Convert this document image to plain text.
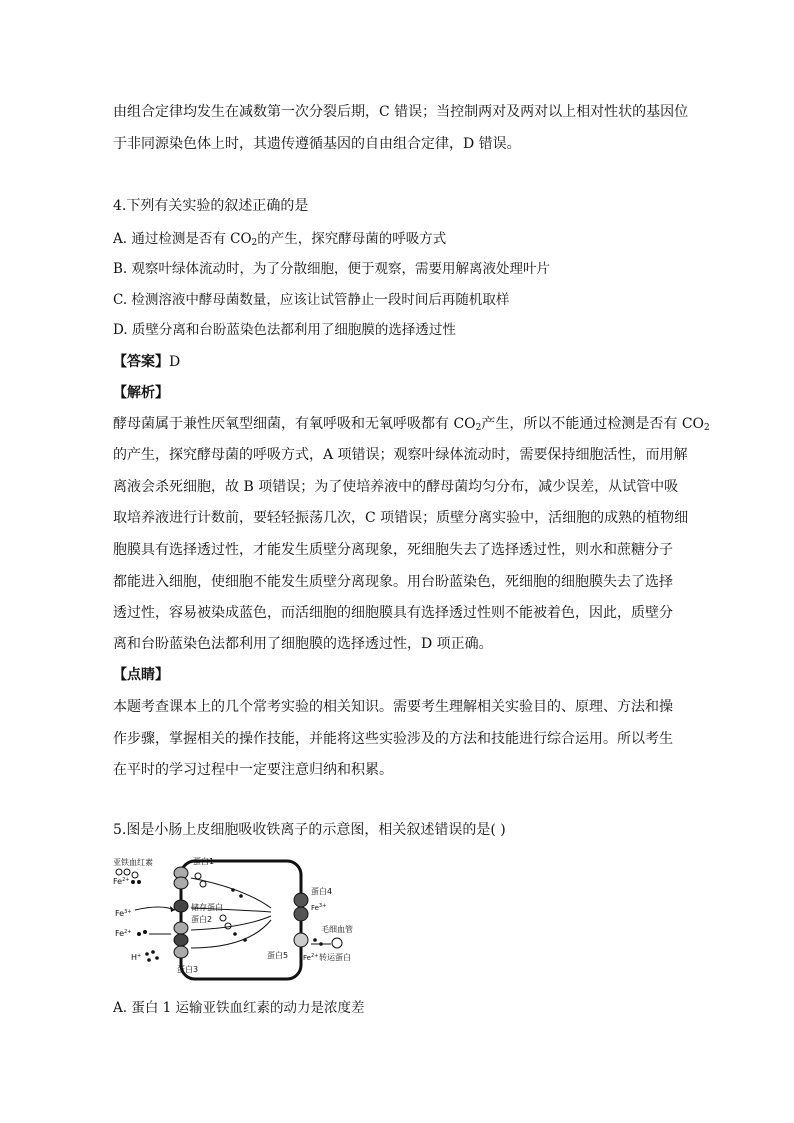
由组合定律均发生在减数第一次分裂后期，C 错误；当控制两对及两对以上相对性状的基因位
于非同源染色体上时，其遗传遵循基因的自由组合定律，D 错误。
4.下列有关实验的叙述正确的是
A. 通过检测是否有 $CO_2$的产生，探究酵母菌的呼吸方式
B. 观察叶绿体流动时，为了分散细胞，便于观察，需要用解离液处理叶片
C. 检测溶液中酵母菌数量，应该让试管静止一段时间后再随机取样
D. 质壁分离和台盼蓝染色法都利用了细胞膜的选择透过性
【答案】D
【解析】
酵母菌属于兼性厌氧型细菌，有氧呼吸和无氧呼吸都有 $CO_2$产生，所以不能通过检测是否有 $CO_2$
的产生，探究酵母菌的呼吸方式，A 项错误；观察叶绿体流动时，需要保持细胞活性，而用解
离液会杀死细胞，故 B 项错误；为了使培养液中的酵母菌均匀分布，减少误差，从试管中吸
取培养液进行计数前，要轻轻振荡几次，C 项错误；质壁分离实验中，活细胞的成熟的植物细
胞膜具有选择透过性，才能发生质壁分离现象，死细胞失去了选择透过性，则水和蔗糖分子
都能进入细胞，使细胞不能发生质壁分离现象。用台盼蓝染色，死细胞的细胞膜失去了选择
透过性，容易被染成蓝色，而活细胞的细胞膜具有选择透过性则不能被着色，因此，质壁分
离和台盼蓝染色法都利用了细胞膜的选择透过性，D 项正确。
【点睛】
本题考查课本上的几个常考实验的相关知识。需要考生理解相关实验目的、原理、方法和操
作步骤，掌握相关的操作技能，并能将这些实验涉及的方法和技能进行综合运用。所以考生
在平时的学习过程中一定要注意归纳和积累。
5.图是小肠上皮细胞吸收铁离子的示意图，相关叙述错误的是( )
亚铁血红素
$Fe^{2+}$
蛋白1
$Fe^{3+}$	储存蛋白
蛋白2
$Fe^{2+}$
H+
蛋白3
蛋白4
$Fe^{3+}$
蛋白5 $Fe^{2+}$
毛细血管
转运蛋白
A. 蛋白 1 运输亚铁血红素的动力是浓度差
